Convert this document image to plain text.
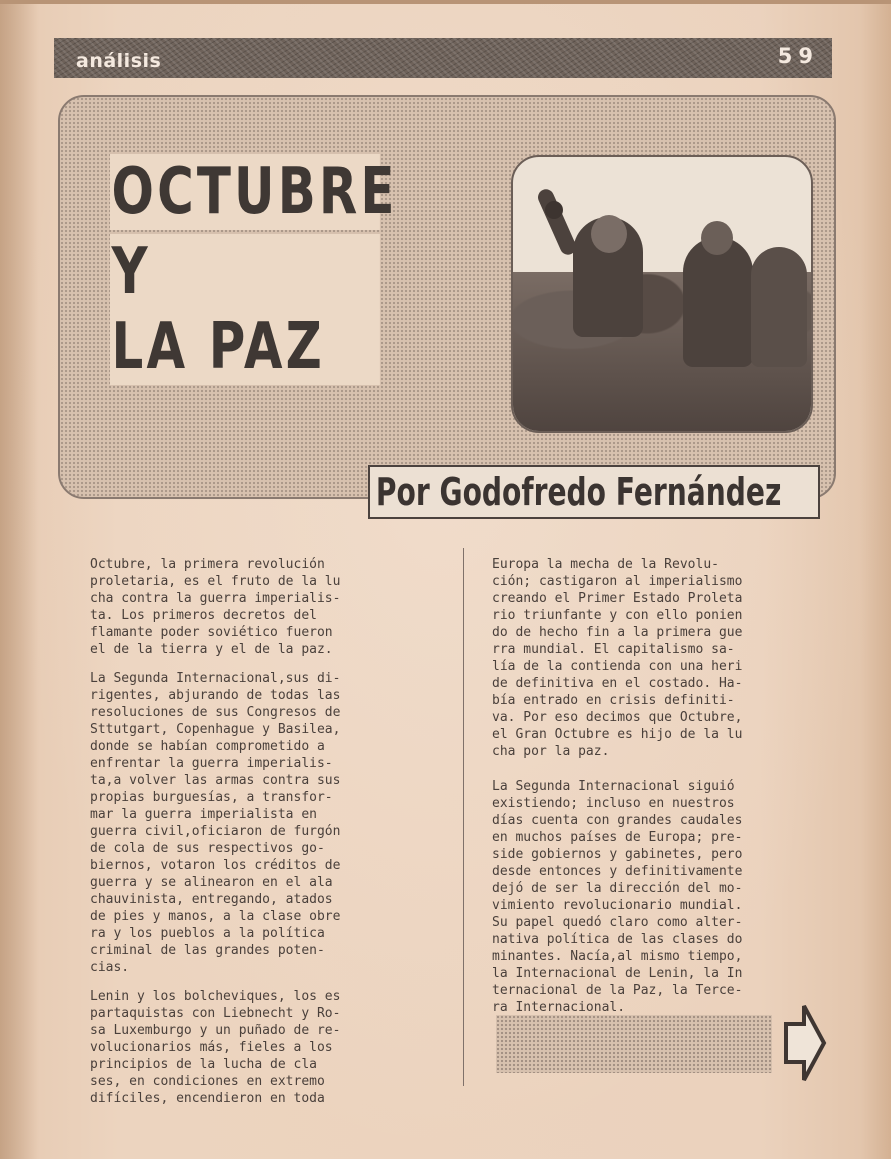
análisis	59
OCTUBRE
Y
LA PAZ
Por Godofredo Fernández

Octubre, la primera revolución
proletaria, es el fruto de la lu
cha contra la guerra imperialis-
ta. Los primeros decretos del
flamante poder soviético fueron
el de la tierra y el de la paz.

La Segunda Internacional,sus di-
rigentes, abjurando de todas las
resoluciones de sus Congresos de
Sttutgart, Copenhague y Basilea,
donde se habían comprometido a
enfrentar la guerra imperialis-
ta,a volver las armas contra sus
propias burguesías, a transfor-
mar la guerra imperialista en
guerra civil,oficiaron de furgón
de cola de sus respectivos go-
biernos, votaron los créditos de
guerra y se alinearon en el ala
chauvinista, entregando, atados
de pies y manos, a la clase obre
ra y los pueblos a la política
criminal de las grandes poten-
cias.

Lenin y los bolcheviques, los es
partaquistas con Liebnecht y Ro-
sa Luxemburgo y un puñado de re-
volucionarios más, fieles a los
principios de la lucha de cla
ses, en condiciones en extremo
difíciles, encendieron en toda

Europa la mecha de la Revolu-
ción; castigaron al imperialismo
creando el Primer Estado Proleta
rio triunfante y con ello ponien
do de hecho fin a la primera gue
rra mundial. El capitalismo sa-
lía de la contienda con una heri
de definitiva en el costado. Ha-
bía entrado en crisis definiti-
va. Por eso decimos que Octubre,
el Gran Octubre es hijo de la lu
cha por la paz.

La Segunda Internacional siguió
existiendo; incluso en nuestros
días cuenta con grandes caudales
en muchos países de Europa; pre-
side gobiernos y gabinetes, pero
desde entonces y definitivamente
dejó de ser la dirección del mo-
vimiento revolucionario mundial.
Su papel quedó claro como alter-
nativa política de las clases do
minantes. Nacía,al mismo tiempo,
la Internacional de Lenin, la In
ternacional de la Paz, la Terce-
ra Internacional.
